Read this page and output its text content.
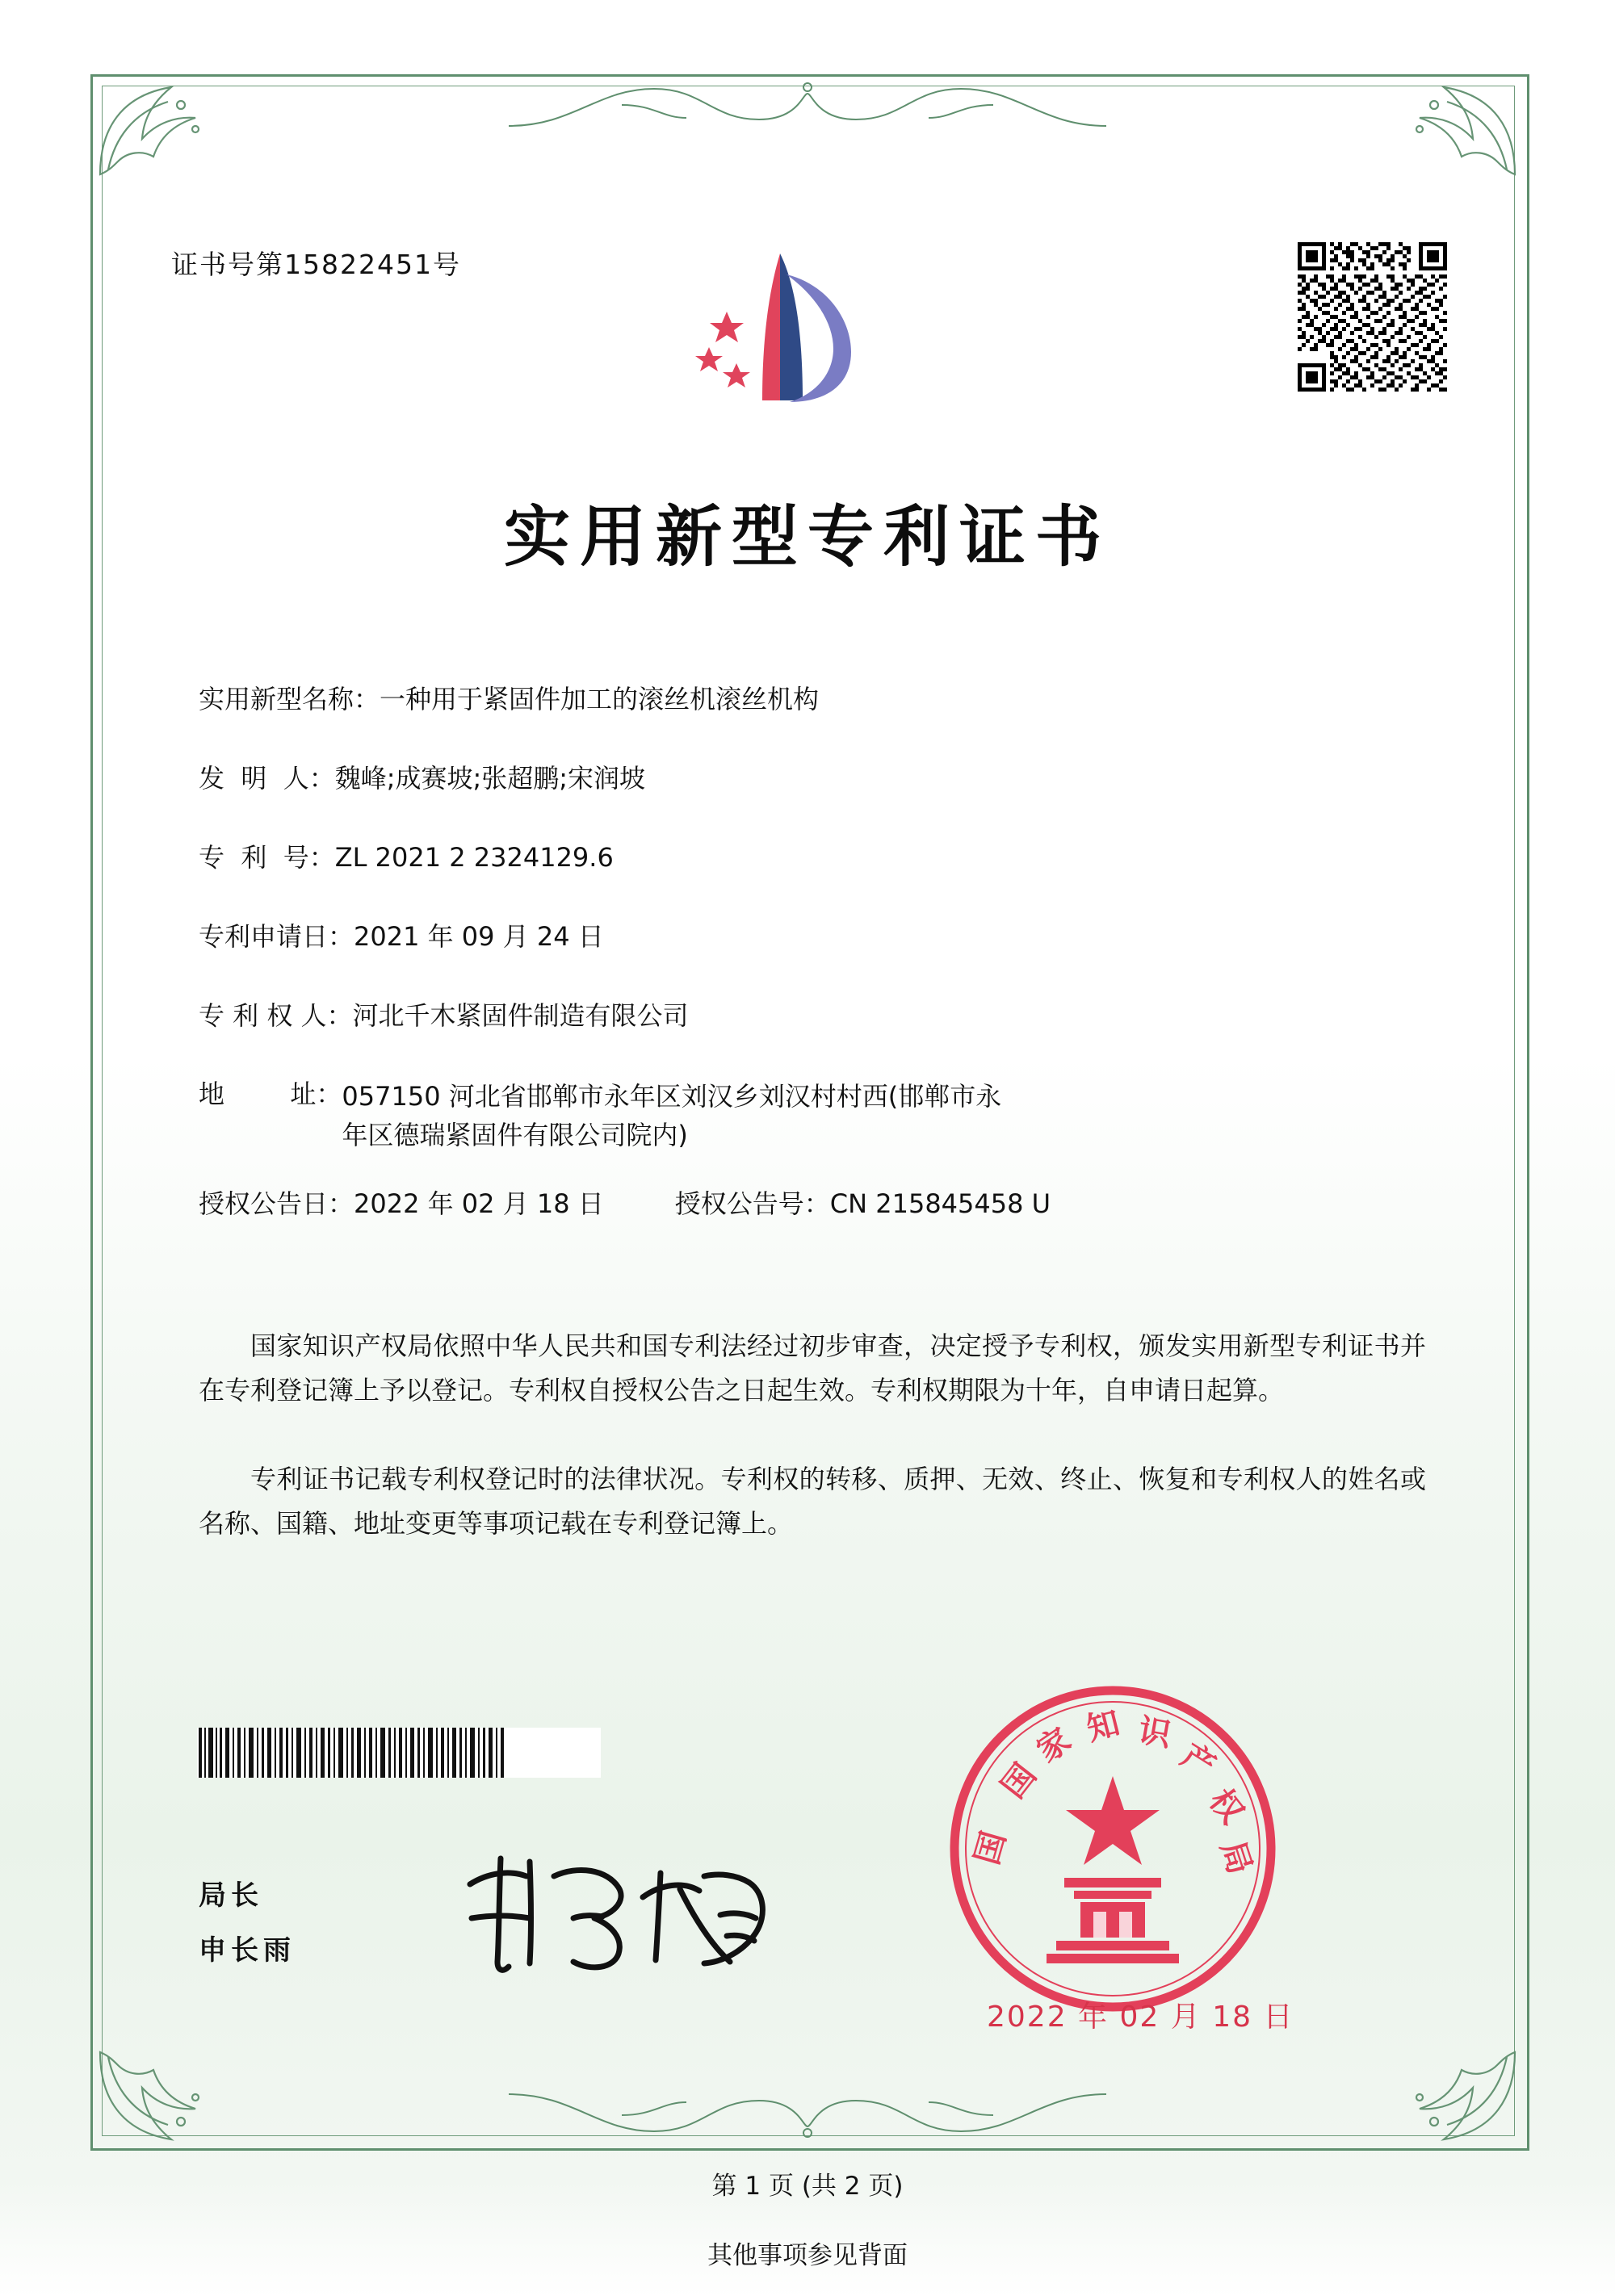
证书号第15822451号
实用新型专利证书
实用新型名称： 一种用于紧固件加工的滚丝机滚丝机构
发  明  人： 魏峰;成赛坡;张超鹏;宋润坡
专  利  号： ZL 2021 2 2324129.6
专利申请日： 2021 年 09 月 24 日
专 利 权 人： 河北千木紧固件制造有限公司
地        址： 057150 河北省邯郸市永年区刘汉乡刘汉村村西(邯郸市永
年区德瑞紧固件有限公司院内)
授权公告日： 2022 年 02 月 18 日	授权公告号： CN 215845458 U
国家知识产权局依照中华人民共和国专利法经过初步审查，决定授予专利权，颁发实用新型专利证书并在专利登记簿上予以登记。专利权自授权公告之日起生效。专利权期限为十年，自申请日起算。
专利证书记载专利权登记时的法律状况。专利权的转移、质押、无效、终止、恢复和专利权人的姓名或名称、国籍、地址变更等事项记载在专利登记簿上。
局长
申长雨
国
家 知 识
产
权
局
国
2022 年 02 月 18 日
第 1 页 (共 2 页)
其他事项参见背面
